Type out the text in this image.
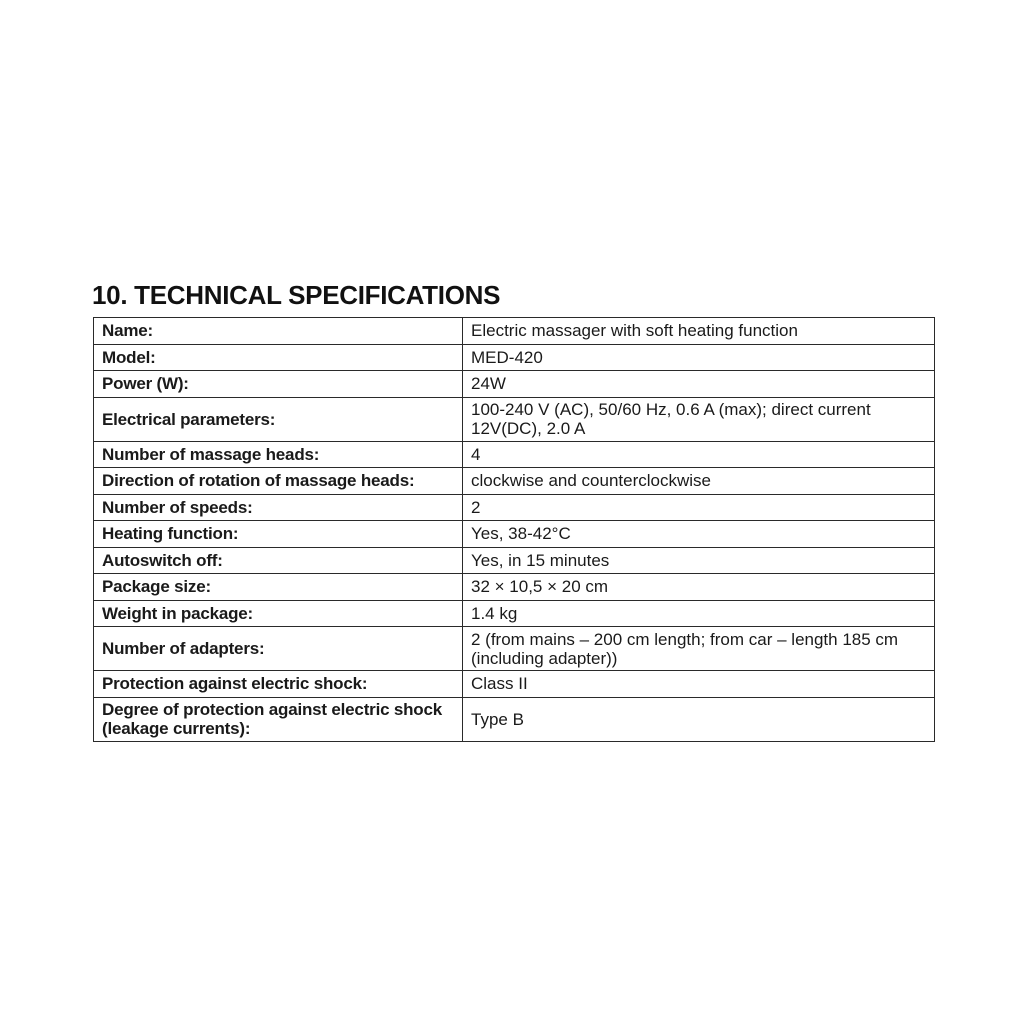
10. TECHNICAL SPECIFICATIONS
Name:	Electric massager with soft heating function
Model:	MED-420
Power (W):	24W
Electrical parameters:	100-240 V (AC), 50/60 Hz, 0.6 A (max); direct current 12V(DC), 2.0 A
Number of massage heads:	4
Direction of rotation of massage heads:	clockwise and counterclockwise
Number of speeds:	2
Heating function:	Yes, 38-42°C
Autoswitch off:	Yes, in 15 minutes
Package size:	32 × 10,5 × 20 cm
Weight in package:	1.4 kg
Number of adapters:	2 (from mains – 200 cm length; from car – length 185 cm (including adapter))
Protection against electric shock:	Class II
Degree of protection against electric shock (leakage currents):	Type B
